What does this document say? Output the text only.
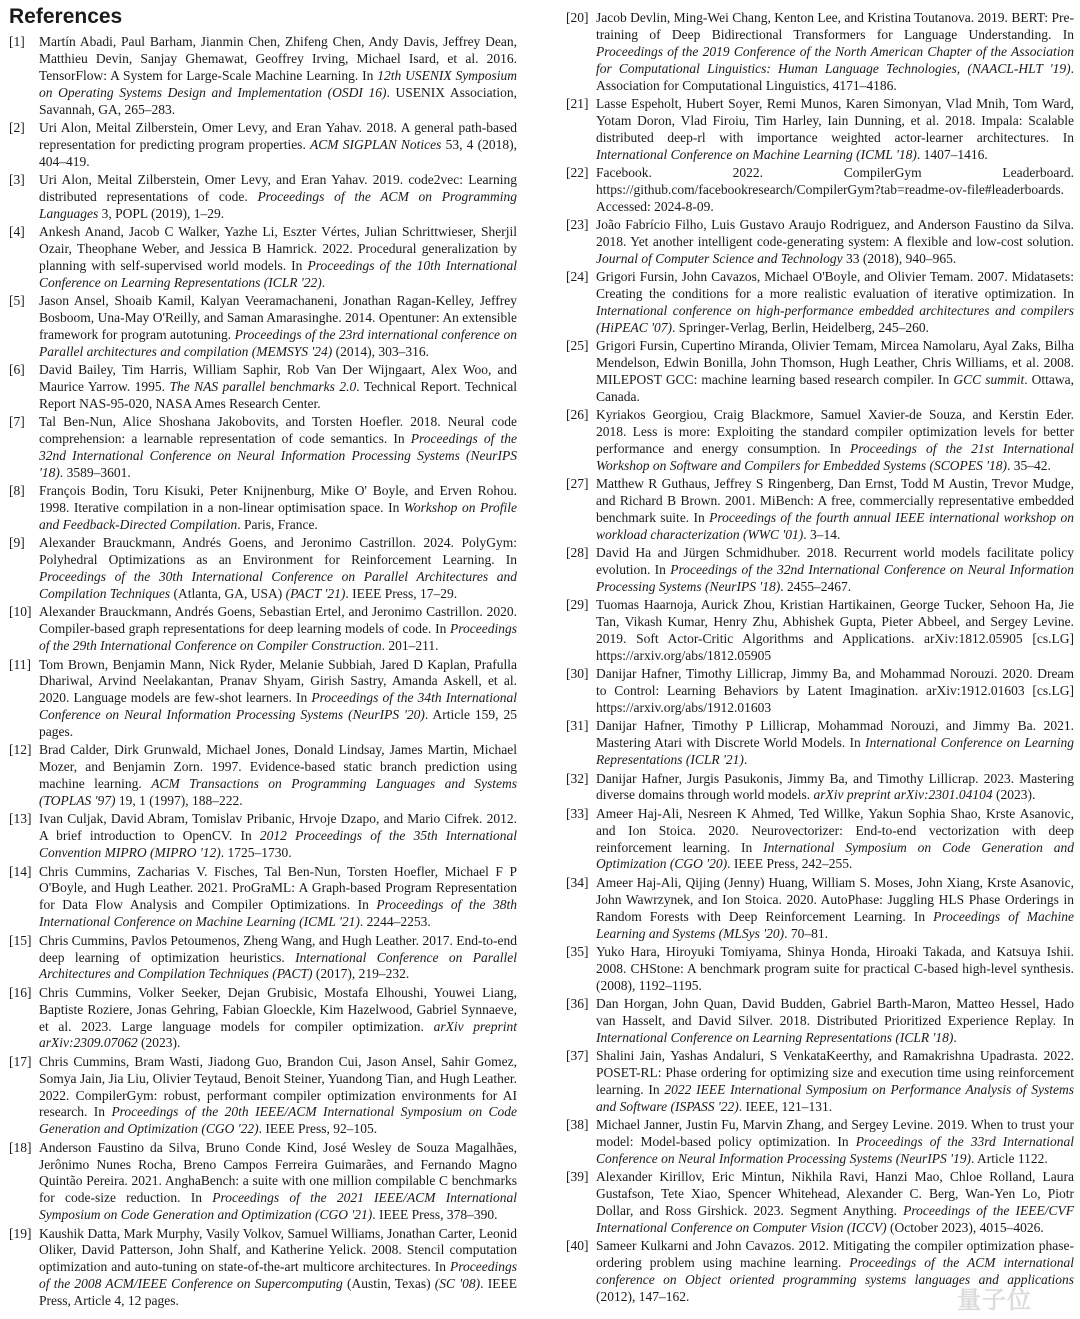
References
[1]	Martín Abadi, Paul Barham, Jianmin Chen, Zhifeng Chen, Andy Davis, Jeffrey Dean, Matthieu Devin, Sanjay Ghemawat, Geoffrey Irving, Michael Isard, et al. 2016. TensorFlow: A System for Large-Scale Machine Learning. In 12th USENIX Symposium on Operating Systems Design and Implementation (OSDI 16). USENIX Association, Savannah, GA, 265–283.
[2]	Uri Alon, Meital Zilberstein, Omer Levy, and Eran Yahav. 2018. A general path-based representation for predicting program properties. ACM SIGPLAN Notices 53, 4 (2018), 404–419.
[3]	Uri Alon, Meital Zilberstein, Omer Levy, and Eran Yahav. 2019. code2vec: Learning distributed representations of code. Proceedings of the ACM on Programming Languages 3, POPL (2019), 1–29.
[4]	Ankesh Anand, Jacob C Walker, Yazhe Li, Eszter Vértes, Julian Schrittwieser, Sherjil Ozair, Theophane Weber, and Jessica B Hamrick. 2022. Procedural generalization by planning with self-supervised world models. In Proceedings of the 10th International Conference on Learning Representations (ICLR '22).
[5]	Jason Ansel, Shoaib Kamil, Kalyan Veeramachaneni, Jonathan Ragan-Kelley, Jeffrey Bosboom, Una-May O'Reilly, and Saman Amarasinghe. 2014. Opentuner: An extensible framework for program autotuning. Proceedings of the 23rd international conference on Parallel architectures and compilation (MEMSYS '24) (2014), 303–316.
[6]	David Bailey, Tim Harris, William Saphir, Rob Van Der Wijngaart, Alex Woo, and Maurice Yarrow. 1995. The NAS parallel benchmarks 2.0. Technical Report. Technical Report NAS-95-020, NASA Ames Research Center.
[7]	Tal Ben-Nun, Alice Shoshana Jakobovits, and Torsten Hoefler. 2018. Neural code comprehension: a learnable representation of code semantics. In Proceedings of the 32nd International Conference on Neural Information Processing Systems (NeurIPS '18). 3589–3601.
[8]	François Bodin, Toru Kisuki, Peter Knijnenburg, Mike O' Boyle, and Erven Rohou. 1998. Iterative compilation in a non-linear optimisation space. In Workshop on Profile and Feedback-Directed Compilation. Paris, France.
[9]	Alexander Brauckmann, Andrés Goens, and Jeronimo Castrillon. 2024. PolyGym: Polyhedral Optimizations as an Environment for Reinforcement Learning. In Proceedings of the 30th International Conference on Parallel Architectures and Compilation Techniques (Atlanta, GA, USA) (PACT '21). IEEE Press, 17–29.
[10] Alexander Brauckmann, Andrés Goens, Sebastian Ertel, and Jeronimo Castrillon. 2020. Compiler-based graph representations for deep learning models of code. In Proceedings of the 29th International Conference on Compiler Construction. 201–211.
[11] Tom Brown, Benjamin Mann, Nick Ryder, Melanie Subbiah, Jared D Kaplan, Prafulla Dhariwal, Arvind Neelakantan, Pranav Shyam, Girish Sastry, Amanda Askell, et al. 2020. Language models are few-shot learners. In Proceedings of the 34th International Conference on Neural Information Processing Systems (NeurIPS '20). Article 159, 25 pages.
[12] Brad Calder, Dirk Grunwald, Michael Jones, Donald Lindsay, James Martin, Michael Mozer, and Benjamin Zorn. 1997. Evidence-based static branch prediction using machine learning. ACM Transactions on Programming Languages and Systems (TOPLAS '97) 19, 1 (1997), 188–222.
[13] Ivan Culjak, David Abram, Tomislav Pribanic, Hrvoje Dzapo, and Mario Cifrek. 2012. A brief introduction to OpenCV. In 2012 Proceedings of the 35th International Convention MIPRO (MIPRO '12). 1725–1730.
[14] Chris Cummins, Zacharias V. Fisches, Tal Ben-Nun, Torsten Hoefler, Michael F P O'Boyle, and Hugh Leather. 2021. ProGraML: A Graph-based Program Representation for Data Flow Analysis and Compiler Optimizations. In Proceedings of the 38th International Conference on Machine Learning (ICML '21). 2244–2253.
[15] Chris Cummins, Pavlos Petoumenos, Zheng Wang, and Hugh Leather. 2017. End-to-end deep learning of optimization heuristics. International Conference on Parallel Architectures and Compilation Techniques (PACT) (2017), 219–232.
[16] Chris Cummins, Volker Seeker, Dejan Grubisic, Mostafa Elhoushi, Youwei Liang, Baptiste Roziere, Jonas Gehring, Fabian Gloeckle, Kim Hazelwood, Gabriel Synnaeve, et al. 2023. Large language models for compiler optimization. arXiv preprint arXiv:2309.07062 (2023).
[17] Chris Cummins, Bram Wasti, Jiadong Guo, Brandon Cui, Jason Ansel, Sahir Gomez, Somya Jain, Jia Liu, Olivier Teytaud, Benoit Steiner, Yuandong Tian, and Hugh Leather. 2022. CompilerGym: robust, performant compiler optimization environments for AI research. In Proceedings of the 20th IEEE/ACM International Symposium on Code Generation and Optimization (CGO '22). IEEE Press, 92–105.
[18] Anderson Faustino da Silva, Bruno Conde Kind, José Wesley de Souza Magalhães, Jerônimo Nunes Rocha, Breno Campos Ferreira Guimarães, and Fernando Magno Quintão Pereira. 2021. AnghaBench: a suite with one million compilable C benchmarks for code-size reduction. In Proceedings of the 2021 IEEE/ACM International Symposium on Code Generation and Optimization (CGO '21). IEEE Press, 378–390.
[19] Kaushik Datta, Mark Murphy, Vasily Volkov, Samuel Williams, Jonathan Carter, Leonid Oliker, David Patterson, John Shalf, and Katherine Yelick. 2008. Stencil computation optimization and auto-tuning on state-of-the-art multicore architectures. In Proceedings of the 2008 ACM/IEEE Conference on Supercomputing (Austin, Texas) (SC '08). IEEE Press, Article 4, 12 pages.
[20] Jacob Devlin, Ming-Wei Chang, Kenton Lee, and Kristina Toutanova. 2019. BERT: Pre-training of Deep Bidirectional Transformers for Language Understanding. In Proceedings of the 2019 Conference of the North American Chapter of the Association for Computational Linguistics: Human Language Technologies, (NAACL-HLT '19). Association for Computational Linguistics, 4171–4186.
[21] Lasse Espeholt, Hubert Soyer, Remi Munos, Karen Simonyan, Vlad Mnih, Tom Ward, Yotam Doron, Vlad Firoiu, Tim Harley, Iain Dunning, et al. 2018. Impala: Scalable distributed deep-rl with importance weighted actor-learner architectures. In International Conference on Machine Learning (ICML '18). 1407–1416.
[22] Facebook. 2022. CompilerGym Leaderboard. https://github.com/facebookresearch/CompilerGym?tab=readme-ov-file#leaderboards. Accessed: 2024-8-09.
[23] João Fabrício Filho, Luis Gustavo Araujo Rodriguez, and Anderson Faustino da Silva. 2018. Yet another intelligent code-generating system: A flexible and low-cost solution. Journal of Computer Science and Technology 33 (2018), 940–965.
[24] Grigori Fursin, John Cavazos, Michael O'Boyle, and Olivier Temam. 2007. Midatasets: Creating the conditions for a more realistic evaluation of iterative optimization. In International conference on high-performance embedded architectures and compilers (HiPEAC '07). Springer-Verlag, Berlin, Heidelberg, 245–260.
[25] Grigori Fursin, Cupertino Miranda, Olivier Temam, Mircea Namolaru, Ayal Zaks, Bilha Mendelson, Edwin Bonilla, John Thomson, Hugh Leather, Chris Williams, et al. 2008. MILEPOST GCC: machine learning based research compiler. In GCC summit. Ottawa, Canada.
[26] Kyriakos Georgiou, Craig Blackmore, Samuel Xavier-de Souza, and Kerstin Eder. 2018. Less is more: Exploiting the standard compiler optimization levels for better performance and energy consumption. In Proceedings of the 21st International Workshop on Software and Compilers for Embedded Systems (SCOPES '18). 35–42.
[27] Matthew R Guthaus, Jeffrey S Ringenberg, Dan Ernst, Todd M Austin, Trevor Mudge, and Richard B Brown. 2001. MiBench: A free, commercially representative embedded benchmark suite. In Proceedings of the fourth annual IEEE international workshop on workload characterization (WWC '01). 3–14.
[28] David Ha and Jürgen Schmidhuber. 2018. Recurrent world models facilitate policy evolution. In Proceedings of the 32nd International Conference on Neural Information Processing Systems (NeurIPS '18). 2455–2467.
[29] Tuomas Haarnoja, Aurick Zhou, Kristian Hartikainen, George Tucker, Sehoon Ha, Jie Tan, Vikash Kumar, Henry Zhu, Abhishek Gupta, Pieter Abbeel, and Sergey Levine. 2019. Soft Actor-Critic Algorithms and Applications. arXiv:1812.05905 [cs.LG] https://arxiv.org/abs/1812.05905
[30] Danijar Hafner, Timothy Lillicrap, Jimmy Ba, and Mohammad Norouzi. 2020. Dream to Control: Learning Behaviors by Latent Imagination. arXiv:1912.01603 [cs.LG] https://arxiv.org/abs/1912.01603
[31] Danijar Hafner, Timothy P Lillicrap, Mohammad Norouzi, and Jimmy Ba. 2021. Mastering Atari with Discrete World Models. In International Conference on Learning Representations (ICLR '21).
[32] Danijar Hafner, Jurgis Pasukonis, Jimmy Ba, and Timothy Lillicrap. 2023. Mastering diverse domains through world models. arXiv preprint arXiv:2301.04104 (2023).
[33] Ameer Haj-Ali, Nesreen K Ahmed, Ted Willke, Yakun Sophia Shao, Krste Asanovic, and Ion Stoica. 2020. Neurovectorizer: End-to-end vectorization with deep reinforcement learning. In International Symposium on Code Generation and Optimization (CGO '20). IEEE Press, 242–255.
[34] Ameer Haj-Ali, Qijing (Jenny) Huang, William S. Moses, John Xiang, Krste Asanovic, John Wawrzynek, and Ion Stoica. 2020. AutoPhase: Juggling HLS Phase Orderings in Random Forests with Deep Reinforcement Learning. In Proceedings of Machine Learning and Systems (MLSys '20). 70–81.
[35] Yuko Hara, Hiroyuki Tomiyama, Shinya Honda, Hiroaki Takada, and Katsuya Ishii. 2008. CHStone: A benchmark program suite for practical C-based high-level synthesis. (2008), 1192–1195.
[36] Dan Horgan, John Quan, David Budden, Gabriel Barth-Maron, Matteo Hessel, Hado van Hasselt, and David Silver. 2018. Distributed Prioritized Experience Replay. In International Conference on Learning Representations (ICLR '18).
[37] Shalini Jain, Yashas Andaluri, S VenkataKeerthy, and Ramakrishna Upadrasta. 2022. POSET-RL: Phase ordering for optimizing size and execution time using reinforcement learning. In 2022 IEEE International Symposium on Performance Analysis of Systems and Software (ISPASS '22). IEEE, 121–131.
[38] Michael Janner, Justin Fu, Marvin Zhang, and Sergey Levine. 2019. When to trust your model: Model-based policy optimization. In Proceedings of the 33rd International Conference on Neural Information Processing Systems (NeurIPS '19). Article 1122.
[39] Alexander Kirillov, Eric Mintun, Nikhila Ravi, Hanzi Mao, Chloe Rolland, Laura Gustafson, Tete Xiao, Spencer Whitehead, Alexander C. Berg, Wan-Yen Lo, Piotr Dollar, and Ross Girshick. 2023. Segment Anything. Proceedings of the IEEE/CVF International Conference on Computer Vision (ICCV) (October 2023), 4015–4026.
[40] Sameer Kulkarni and John Cavazos. 2012. Mitigating the compiler optimization phase-ordering problem using machine learning. Proceedings of the ACM international conference on Object oriented programming systems languages and applications (2012), 147–162.	量子位
